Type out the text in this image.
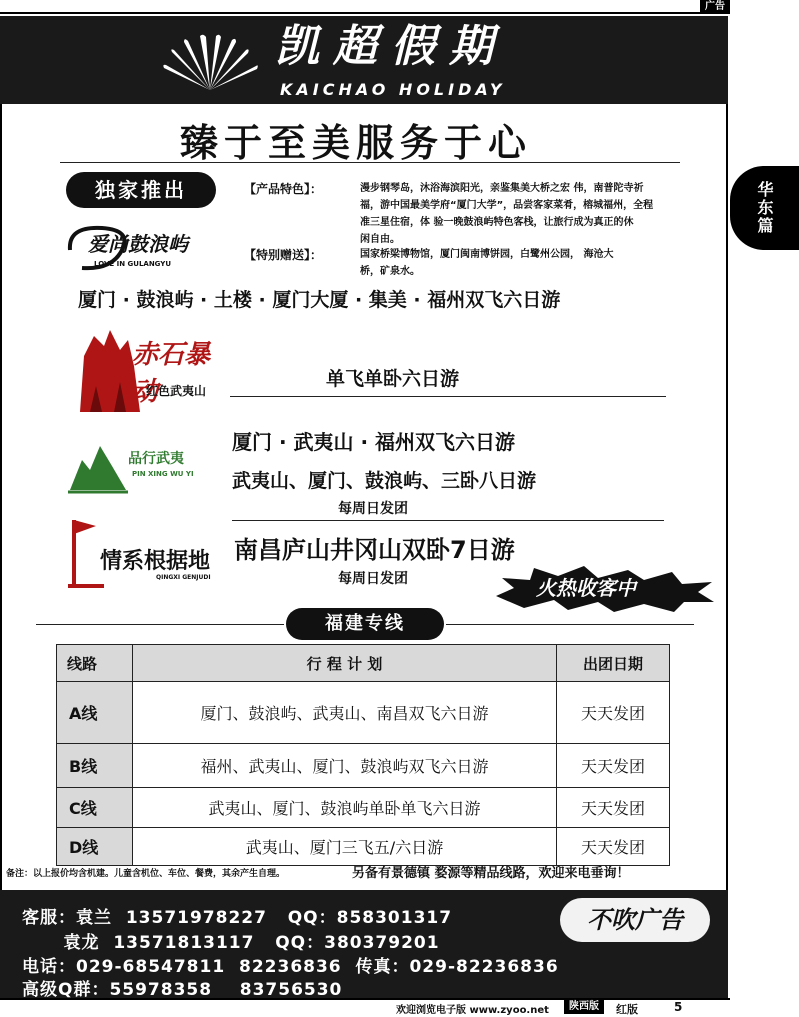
广告
凯超假期
KAICHAO HOLIDAY
臻于至美服务于心
华东篇
独家推出
爱尚鼓浪屿
LOVE IN GULANGYU
【产品特色】：	漫步钢琴岛，沐浴海滨阳光，亲鉴集美大桥之宏 伟，南普陀寺祈
福，游中国最美学府“厦门大学”，品尝客家菜肴，榕城福州，全程
准三星住宿，体 验一晚鼓浪屿特色客栈，让旅行成为真正的休
闲自由。
【特别赠送】：	国家桥梁博物馆，厦门闽南博饼园，白鹭州公园， 海沧大
桥，矿泉水。
厦门 · 鼓浪屿 · 土楼 · 厦门大厦 · 集美 · 福州双飞六日游
赤石暴动
红色武夷山
单飞单卧六日游
品行武夷
PIN XING WU YI
厦门 · 武夷山 · 福州双飞六日游
武夷山、厦门、鼓浪屿、三卧八日游
每周日发团
情系根据地
QINGXI GENJUDI
南昌庐山井冈山双卧7日游
每周日发团	火热收客中
福建专线
线路	行 程 计 划	出团日期
A线	厦门、鼓浪屿、武夷山、南昌双飞六日游	天天发团
B线	福州、武夷山、厦门、鼓浪屿双飞六日游	天天发团
C线	武夷山、厦门、鼓浪屿单卧单飞六日游	天天发团
D线	武夷山、厦门三飞五/六日游	天天发团
备注：以上报价均含机建。儿童含机位、车位、餐费，其余产生自理。	另备有景德镇 婺源等精品线路，欢迎来电垂询！
客服：袁兰  13571978227   QQ：858301317
袁龙  13571813117   QQ：380379201
电话：029-68547811  82236836  传真：029-82236836
高级Q群：55978358    83756530
不吹广告
欢迎浏览电子版 www.zyoo.net	陕西版	红版	5
